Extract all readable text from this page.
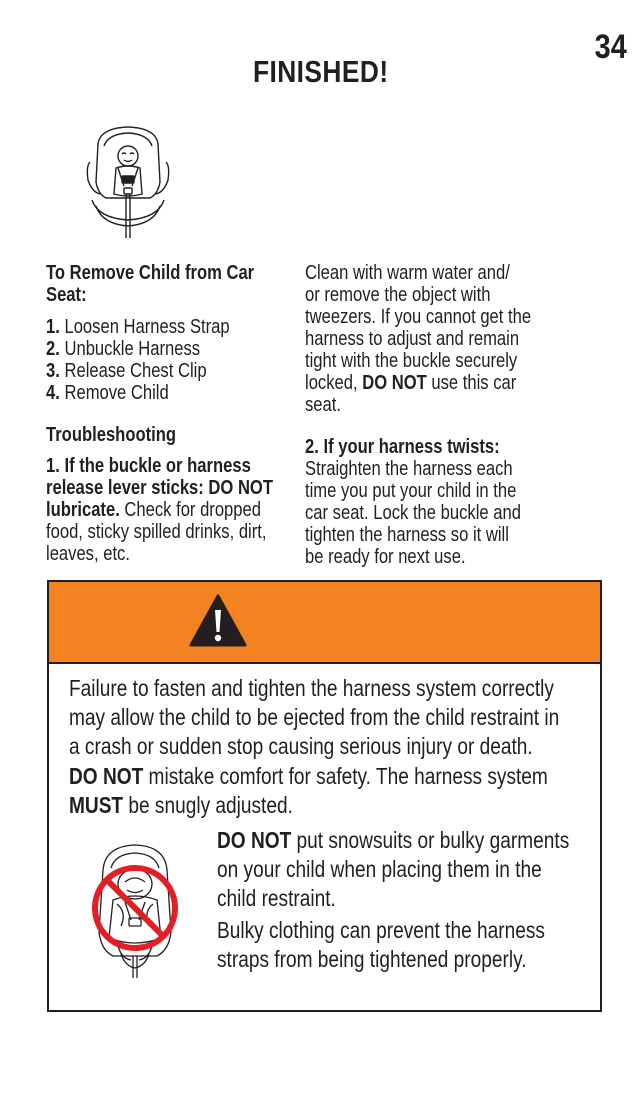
34
FINISHED!
To Remove Child from Car
Seat:
1. Loosen Harness Strap
2. Unbuckle Harness
3. Release Chest Clip
4. Remove Child
Troubleshooting
1. If the buckle or harness
release lever sticks: DO NOT
lubricate. Check for dropped
food, sticky spilled drinks, dirt,
leaves, etc.
Clean with warm water and/
or remove the object with
tweezers. If you cannot get the
harness to adjust and remain
tight with the buckle securely
locked, DO NOT use this car
seat.
2. If your harness twists:
Straighten the harness each
time you put your child in the
car seat. Lock the buckle and
tighten the harness so it will
be ready for next use.
Failure to fasten and tighten the harness system correctly
may allow the child to be ejected from the child restraint in
a crash or sudden stop causing serious injury or death.
DO NOT mistake comfort for safety. The harness system
MUST be snugly adjusted.
DO NOT put snowsuits or bulky garments
on your child when placing them in the
child restraint.
Bulky clothing can prevent the harness
straps from being tightened properly.
